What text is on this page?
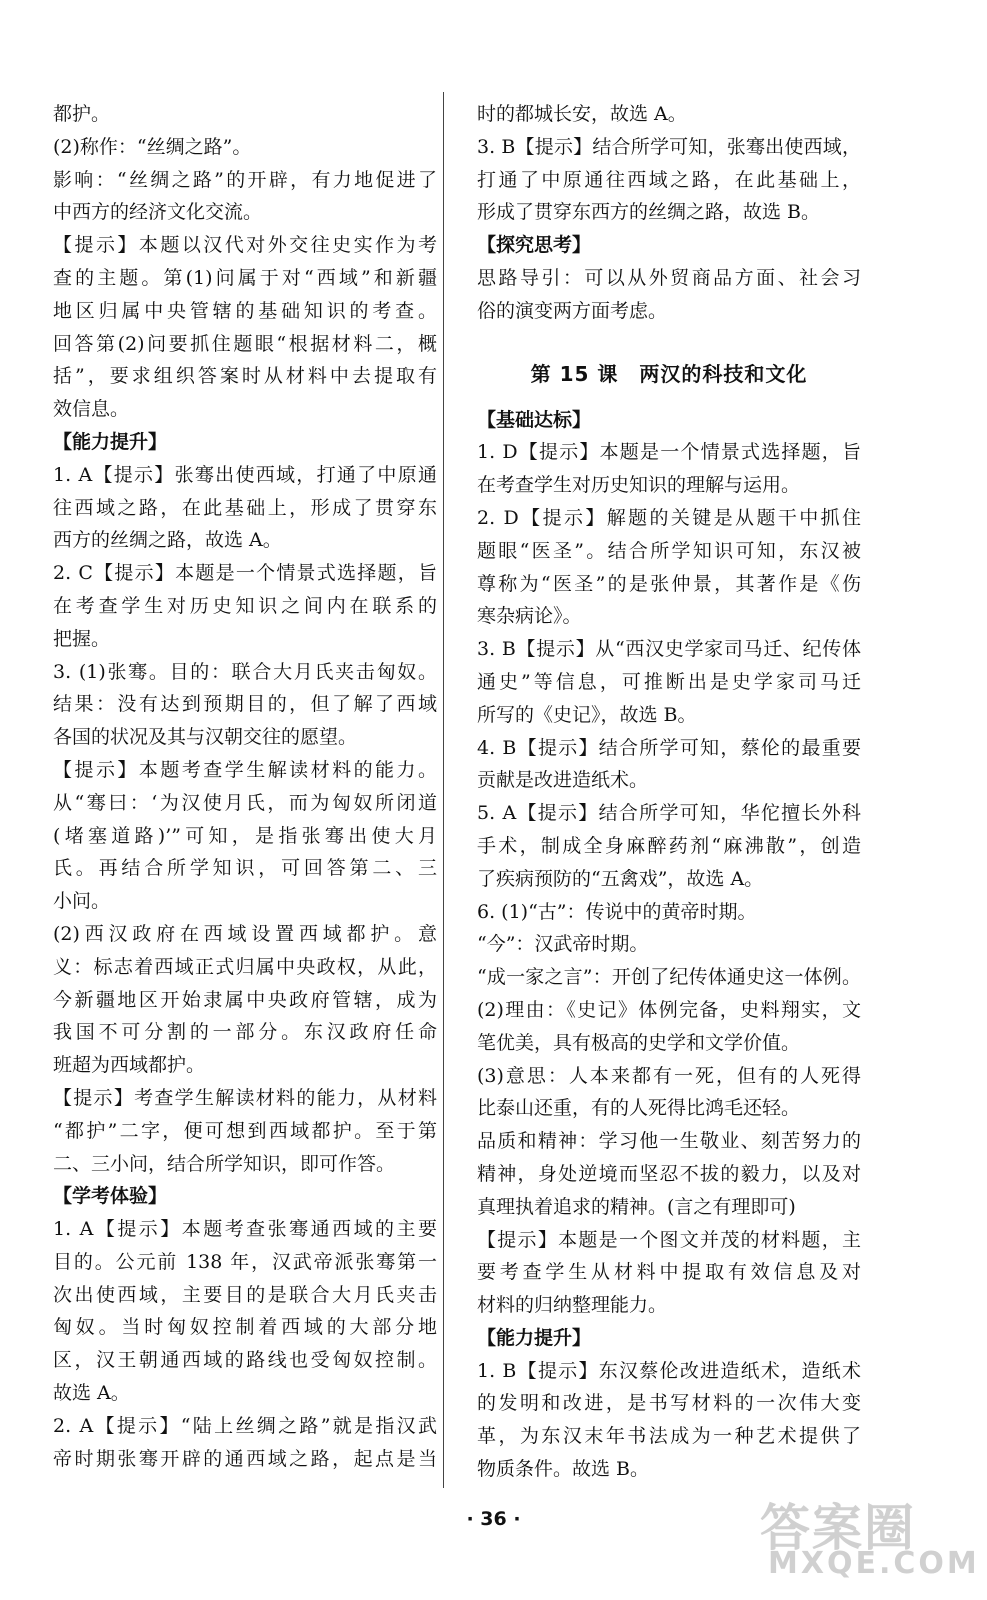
都护。
(2)称作：“丝绸之路”。
影响：“丝绸之路”的开辟，有力地促进了
中西方的经济文化交流。
【提示】本题以汉代对外交往史实作为考
查的主题。第(1)问属于对“西域”和新疆
地区归属中央管辖的基础知识的考查。
回答第(2)问要抓住题眼“根据材料二，概
括”，要求组织答案时从材料中去提取有
效信息。
【能力提升】
1. A【提示】张骞出使西域，打通了中原通
往西域之路，在此基础上，形成了贯穿东
西方的丝绸之路，故选 A。
2. C【提示】本题是一个情景式选择题，旨
在考查学生对历史知识之间内在联系的
把握。
3. (1)张骞。目的：联合大月氏夹击匈奴。
结果：没有达到预期目的，但了解了西域
各国的状况及其与汉朝交往的愿望。
【提示】本题考查学生解读材料的能力。
从“骞曰：‘为汉使月氏，而为匈奴所闭道
(堵塞道路)’”可知，是指张骞出使大月
氏。再结合所学知识，可回答第二、三
小问。
(2)西汉政府在西域设置西域都护。意
义：标志着西域正式归属中央政权，从此，
今新疆地区开始隶属中央政府管辖，成为
我国不可分割的一部分。东汉政府任命
班超为西域都护。
【提示】考查学生解读材料的能力，从材料
“都护”二字，便可想到西域都护。至于第
二、三小问，结合所学知识，即可作答。
【学考体验】
1. A【提示】本题考查张骞通西域的主要
目的。公元前 138 年，汉武帝派张骞第一
次出使西域，主要目的是联合大月氏夹击
匈奴。当时匈奴控制着西域的大部分地
区，汉王朝通西域的路线也受匈奴控制。
故选 A。
2. A【提示】“陆上丝绸之路”就是指汉武
帝时期张骞开辟的通西域之路，起点是当
时的都城长安，故选 A。
3. B【提示】结合所学可知，张骞出使西域，
打通了中原通往西域之路，在此基础上，
形成了贯穿东西方的丝绸之路，故选 B。
【探究思考】
思路导引：可以从外贸商品方面、社会习
俗的演变两方面考虑。
第 15 课　两汉的科技和文化
【基础达标】
1. D【提示】本题是一个情景式选择题，旨
在考查学生对历史知识的理解与运用。
2. D【提示】解题的关键是从题干中抓住
题眼“医圣”。结合所学知识可知，东汉被
尊称为“医圣”的是张仲景，其著作是《伤
寒杂病论》。
3. B【提示】从“西汉史学家司马迁、纪传体
通史”等信息，可推断出是史学家司马迁
所写的《史记》，故选 B。
4. B【提示】结合所学可知，蔡伦的最重要
贡献是改进造纸术。
5. A【提示】结合所学可知，华佗擅长外科
手术，制成全身麻醉药剂“麻沸散”，创造
了疾病预防的“五禽戏”，故选 A。
6. (1)“古”：传说中的黄帝时期。
“今”：汉武帝时期。
“成一家之言”：开创了纪传体通史这一体例。
(2)理由：《史记》体例完备，史料翔实，文
笔优美，具有极高的史学和文学价值。
(3)意思：人本来都有一死，但有的人死得
比泰山还重，有的人死得比鸿毛还轻。
品质和精神：学习他一生敬业、刻苦努力的
精神，身处逆境而坚忍不拔的毅力，以及对
真理执着追求的精神。(言之有理即可)
【提示】本题是一个图文并茂的材料题，主
要考查学生从材料中提取有效信息及对
材料的归纳整理能力。
【能力提升】
1. B【提示】东汉蔡伦改进造纸术，造纸术
的发明和改进，是书写材料的一次伟大变
革，为东汉末年书法成为一种艺术提供了
物质条件。故选 B。
· 36 ·	答案圈
MXQE.COM
